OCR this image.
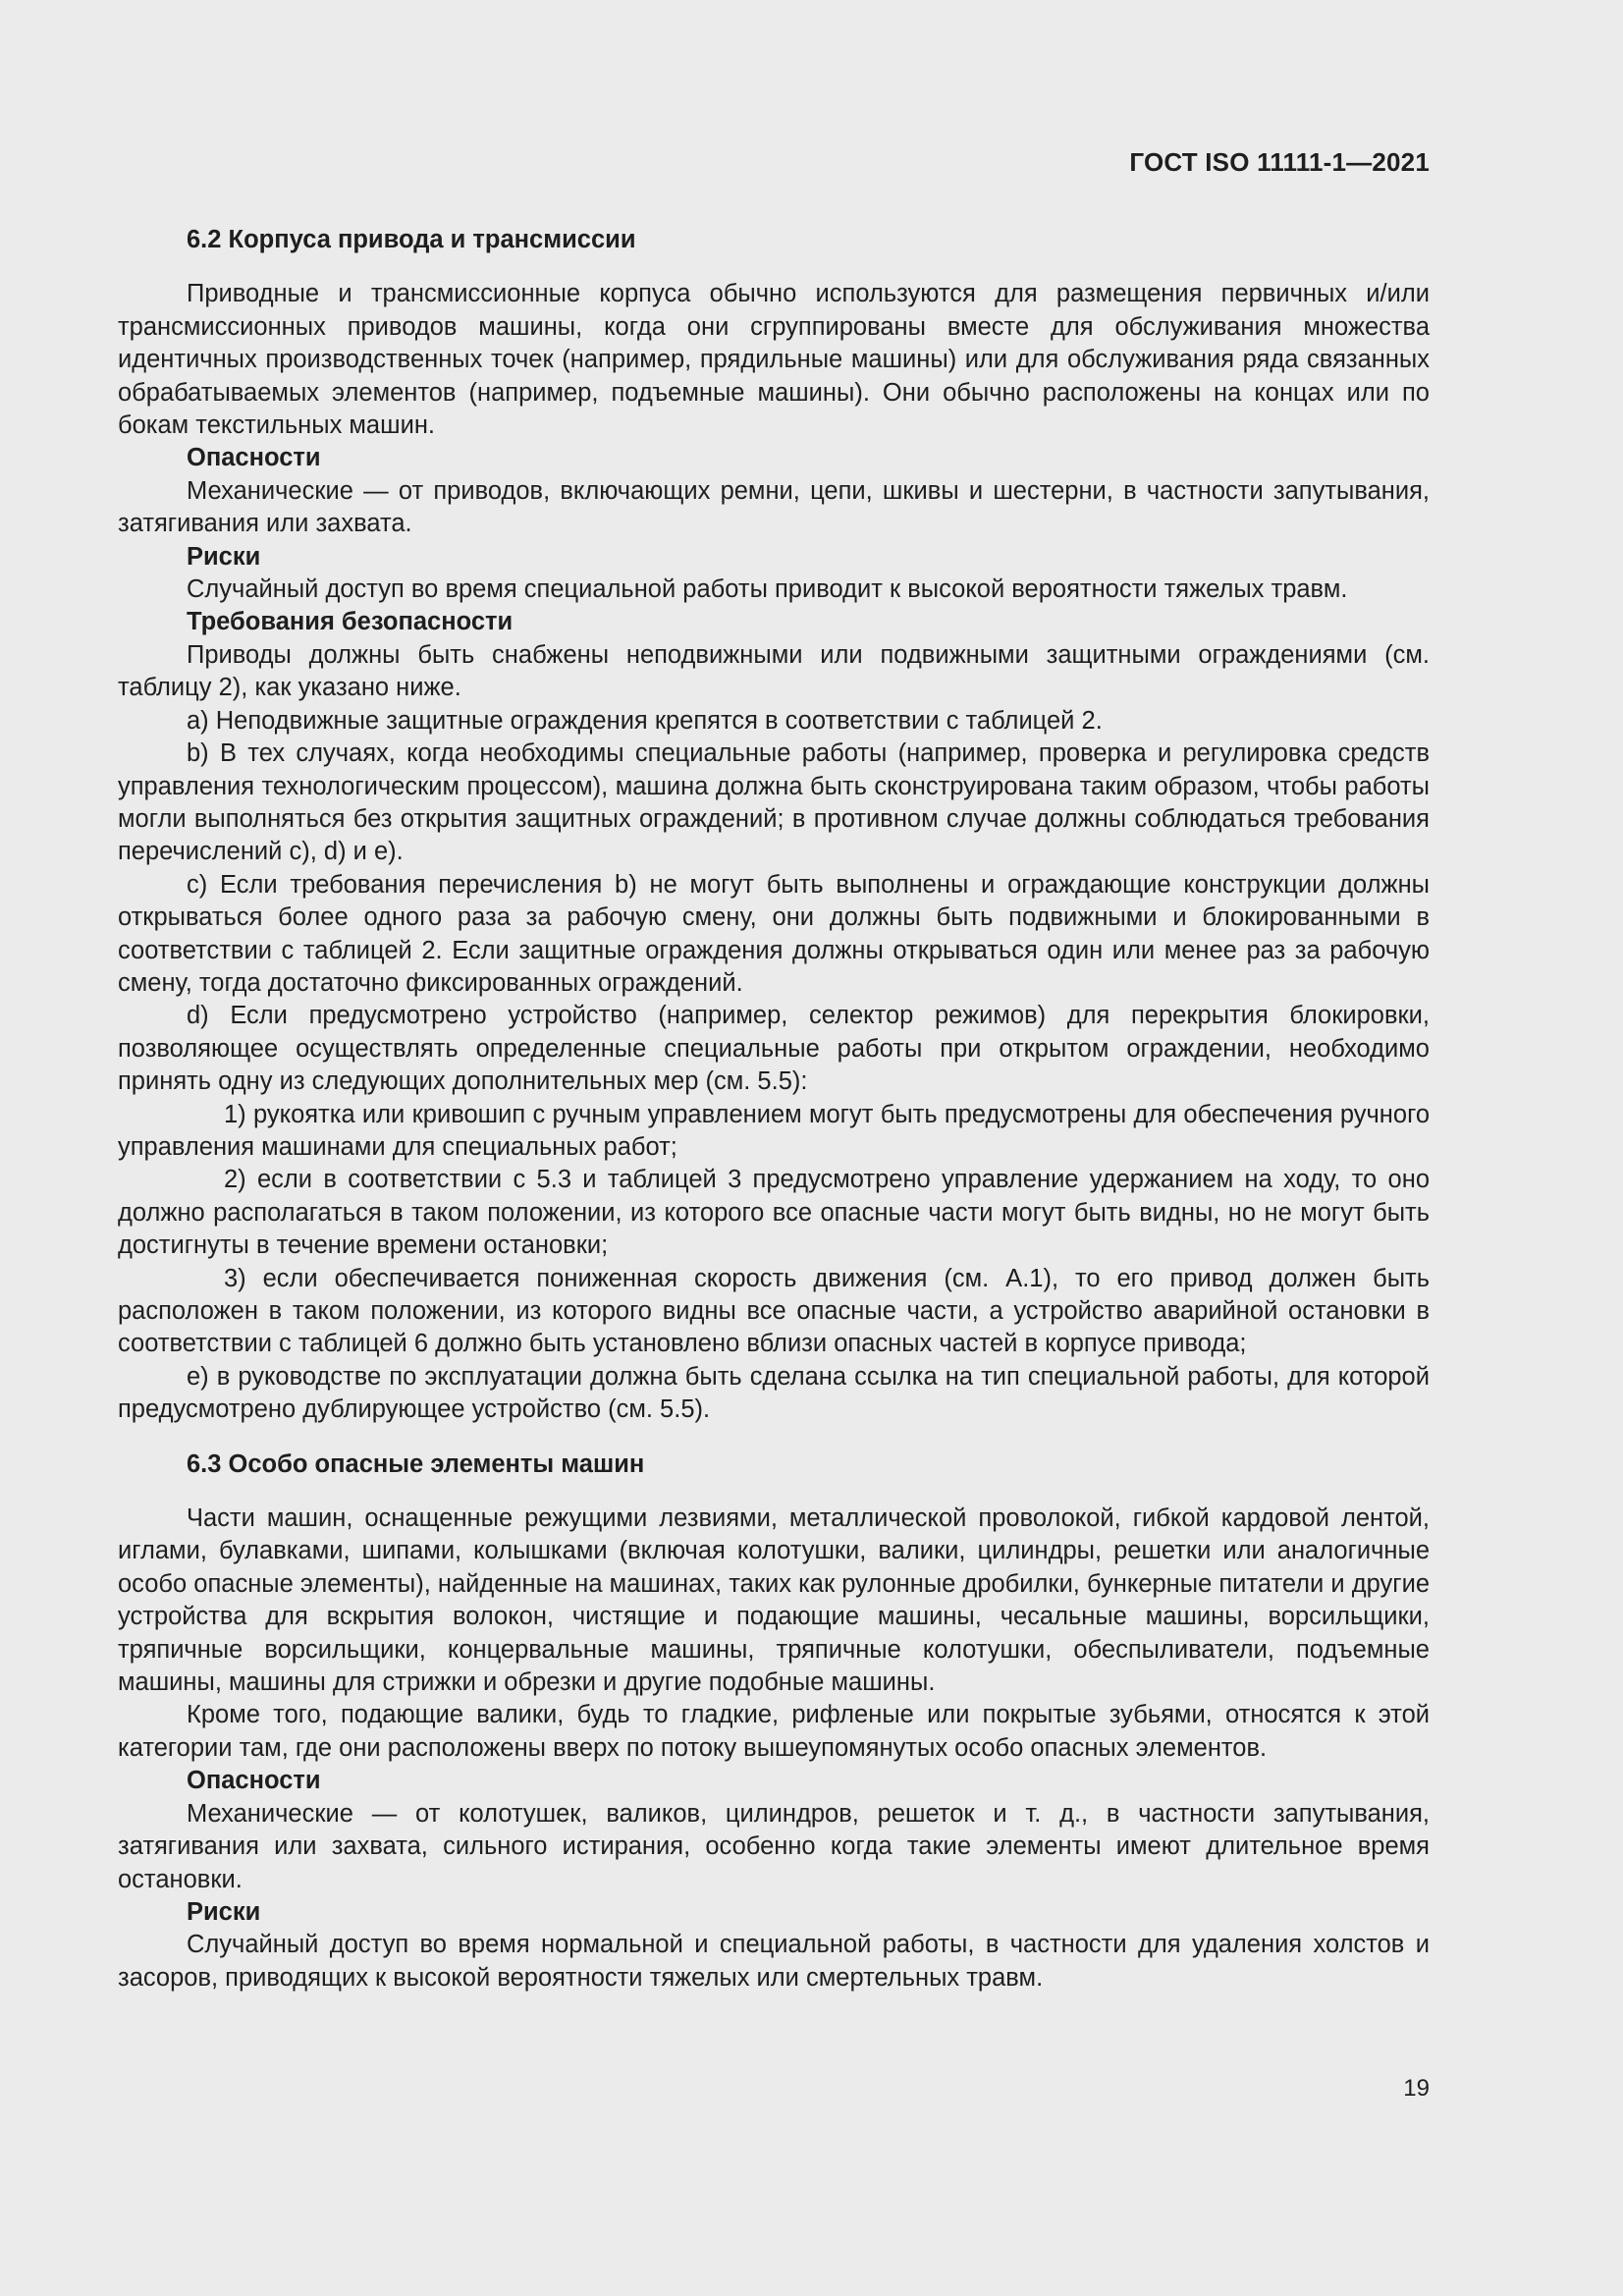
ГОСТ ISO 11111-1—2021

6.2 Корпуса привода и трансмиссии

Приводные и трансмиссионные корпуса обычно используются для размещения первичных и/или трансмиссионных приводов машины, когда они сгруппированы вместе для обслуживания множества идентичных производственных точек (например, прядильные машины) или для обслуживания ряда связанных обрабатываемых элементов (например, подъемные машины). Они обычно расположены на концах или по бокам текстильных машин.

Опасности

Механические — от приводов, включающих ремни, цепи, шкивы и шестерни, в частности запутывания, затягивания или захвата.

Риски

Случайный доступ во время специальной работы приводит к высокой вероятности тяжелых травм.

Требования безопасности

Приводы должны быть снабжены неподвижными или подвижными защитными ограждениями (см. таблицу 2), как указано ниже.

a) Неподвижные защитные ограждения крепятся в соответствии с таблицей 2.

b) В тех случаях, когда необходимы специальные работы (например, проверка и регулировка средств управления технологическим процессом), машина должна быть сконструирована таким образом, чтобы работы могли выполняться без открытия защитных ограждений; в противном случае должны соблюдаться требования перечислений c), d) и e).

c) Если требования перечисления b) не могут быть выполнены и ограждающие конструкции должны открываться более одного раза за рабочую смену, они должны быть подвижными и блокированными в соответствии с таблицей 2. Если защитные ограждения должны открываться один или менее раз за рабочую смену, тогда достаточно фиксированных ограждений.

d) Если предусмотрено устройство (например, селектор режимов) для перекрытия блокировки, позволяющее осуществлять определенные специальные работы при открытом ограждении, необходимо принять одну из следующих дополнительных мер (см. 5.5):

1) рукоятка или кривошип с ручным управлением могут быть предусмотрены для обеспечения ручного управления машинами для специальных работ;

2) если в соответствии с 5.3 и таблицей 3 предусмотрено управление удержанием на ходу, то оно должно располагаться в таком положении, из которого все опасные части могут быть видны, но не могут быть достигнуты в течение времени остановки;

3) если обеспечивается пониженная скорость движения (см. А.1), то его привод должен быть расположен в таком положении, из которого видны все опасные части, а устройство аварийной остановки в соответствии с таблицей 6 должно быть установлено вблизи опасных частей в корпусе привода;

e) в руководстве по эксплуатации должна быть сделана ссылка на тип специальной работы, для которой предусмотрено дублирующее устройство (см. 5.5).

6.3 Особо опасные элементы машин

Части машин, оснащенные режущими лезвиями, металлической проволокой, гибкой кардовой лентой, иглами, булавками, шипами, колышками (включая колотушки, валики, цилиндры, решетки или аналогичные особо опасные элементы), найденные на машинах, таких как рулонные дробилки, бункерные питатели и другие устройства для вскрытия волокон, чистящие и подающие машины, чесальные машины, ворсильщики, тряпичные ворсильщики, концервальные машины, тряпичные колотушки, обеспыливатели, подъемные машины, машины для стрижки и обрезки и другие подобные машины.

Кроме того, подающие валики, будь то гладкие, рифленые или покрытые зубьями, относятся к этой категории там, где они расположены вверх по потоку вышеупомянутых особо опасных элементов.

Опасности

Механические — от колотушек, валиков, цилиндров, решеток и т. д., в частности запутывания, затягивания или захвата, сильного истирания, особенно когда такие элементы имеют длительное время остановки.

Риски

Случайный доступ во время нормальной и специальной работы, в частности для удаления холстов и засоров, приводящих к высокой вероятности тяжелых или смертельных травм.

19
